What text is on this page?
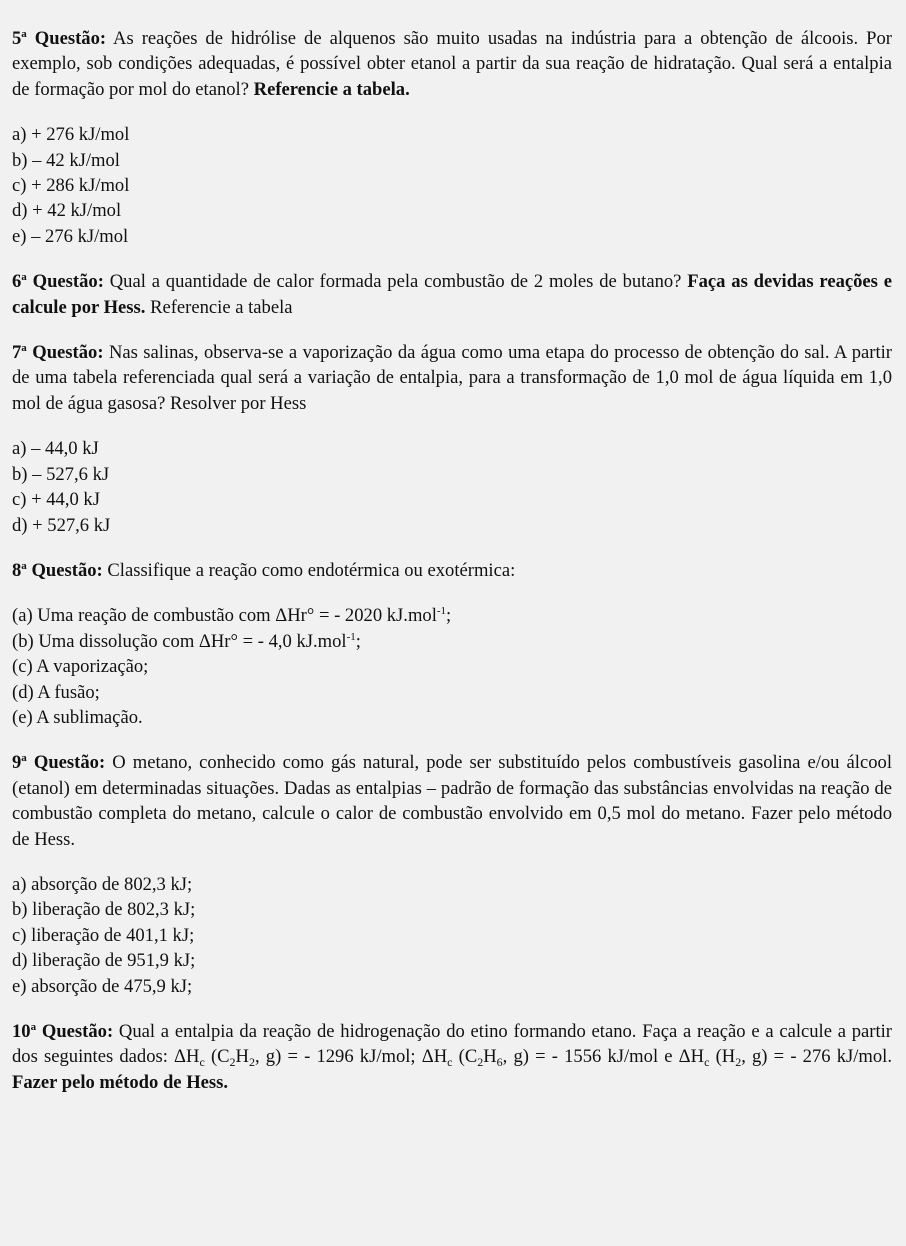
5$^a$ Questão: As reações de hidrólise de alquenos são muito usadas na indústria para a obtenção de álcoois. Por exemplo, sob condições adequadas, é possível obter etanol a partir da sua reação de hidratação. Qual será a entalpia de formação por mol do etanol? Referencie a tabela.

a) + 276 kJ/mol
b) – 42 kJ/mol
c) + 286 kJ/mol
d) + 42 kJ/mol
e) – 276 kJ/mol

6$^a$ Questão: Qual a quantidade de calor formada pela combustão de 2 moles de butano? Faça as devidas reações e calcule por Hess. Referencie a tabela

7$^a$ Questão: Nas salinas, observa-se a vaporização da água como uma etapa do processo de obtenção do sal. A partir de uma tabela referenciada qual será a variação de entalpia, para a transformação de 1,0 mol de água líquida em 1,0 mol de água gasosa? Resolver por Hess

a) – 44,0 kJ
b) – 527,6 kJ
c) + 44,0 kJ
d) + 527,6 kJ

8$^a$ Questão: Classifique a reação como endotérmica ou exotérmica:

(a) Uma reação de combustão com ΔHr° = - 2020 kJ.mol$^{-1}$;
(b) Uma dissolução com ΔHr° = - 4,0 kJ.mol$^{-1}$;
(c) A vaporização;
(d) A fusão;
(e) A sublimação.

9$^a$ Questão: O metano, conhecido como gás natural, pode ser substituído pelos combustíveis gasolina e/ou álcool (etanol) em determinadas situações. Dadas as entalpias – padrão de formação das substâncias envolvidas na reação de combustão completa do metano, calcule o calor de combustão envolvido em 0,5 mol do metano. Fazer pelo método de Hess.

a) absorção de 802,3 kJ;
b) liberação de 802,3 kJ;
c) liberação de 401,1 kJ;
d) liberação de 951,9 kJ;
e) absorção de 475,9 kJ;

10$^a$ Questão: Qual a entalpia da reação de hidrogenação do etino formando etano. Faça a reação e a calcule a partir dos seguintes dados: $\Delta H_c$ ($C_2H_2$, g) = - 1296 kJ/mol; $\Delta H_c$ ($C_2H_6$, g) = - 1556 kJ/mol e $\Delta H_c$ ($H_2$, g) = - 276 kJ/mol. Fazer pelo método de Hess.
